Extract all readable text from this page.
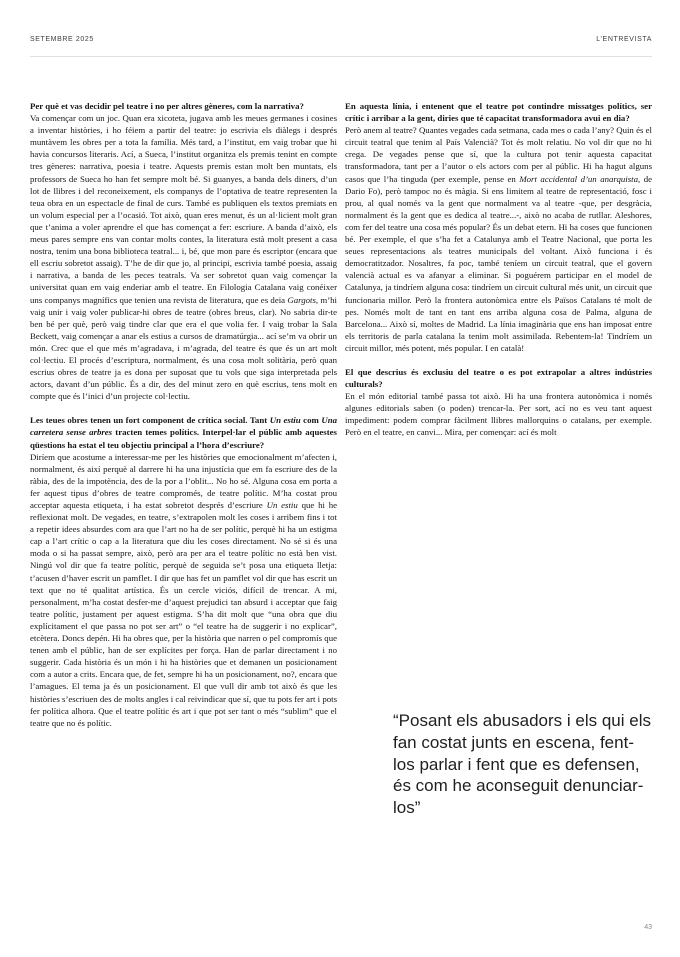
SETEMBRE 2025	L’ENTREVISTA

Per què et vas decidir pel teatre i no per altres gèneres, com la narrativa?

Va començar com un joc. Quan era xicoteta, jugava amb les meues germanes i cosines a inventar històries, i ho féiem a partir del teatre: jo escrivia els diàlegs i després muntàvem les obres per a tota la família. Més tard, a l’institut, em vaig trobar que hi havia concursos literaris. Ací, a Sueca, l’institut organitza els premis tenint en compte tres gèneres: narrativa, poesia i teatre. Aquests premis estan molt ben muntats, els professors de Sueca ho han fet sempre molt bé. Si guanyes, a banda dels diners, d’un lot de llibres i del reconeixement, els companys de l’optativa de teatre representen la teua obra en un espectacle de final de curs. També es publiquen els textos premiats en un volum especial per a l’ocasió. Tot això, quan eres menut, és un al·licient molt gran que t’anima a voler aprendre el que has començat a fer: escriure. A banda d’això, els meus pares sempre ens van contar molts contes, la literatura està molt present a casa nostra, tenim una bona biblioteca teatral... i, bé, que mon pare és escriptor (encara que ell escriu sobretot assaig). T’he de dir que jo, al principi, escrivia també poesia, assaig i narrativa, a banda de les peces teatrals. Va ser sobretot quan vaig començar la universitat quan em vaig enderiar amb el teatre. En Filologia Catalana vaig conéixer uns companys magnífics que tenien una revista de literatura, que es deia Gargots, m’hi vaig unir i vaig voler publicar-hi obres de teatre (obres breus, clar). No sabria dir-te ben bé per què, però vaig tindre clar que era el que volia fer. I vaig trobar la Sala Beckett, vaig començar a anar els estius a cursos de dramatúrgia... ací se’m va obrir un món. Crec que el que més m’agradava, i m’agrada, del teatre és que és un art molt col·lectiu. El procés d’escriptura, normalment, és una cosa molt solitària, però quan escrius obres de teatre ja es dona per suposat que tu vols que siga interpretada pels actors, davant d’un públic. És a dir, des del minut zero en què escrius, tens molt en compte que és l’inici d’un projecte col·lectiu.

Les teues obres tenen un fort component de crítica social. Tant Un estiu com Una carretera sense arbres tracten temes polítics. Interpel·lar el públic amb aquestes qüestions ha estat el teu objectiu principal a l’hora d’escriure?

Diríem que acostume a interessar-me per les històries que emocionalment m’afecten i, normalment, és així perquè al darrere hi ha una injustícia que em fa escriure des de la ràbia, des de la impotència, des de la por a l’oblit... No ho sé. Alguna cosa em porta a fer aquest tipus d’obres de teatre compromés, de teatre polític. M’ha costat prou acceptar aquesta etiqueta, i ha estat sobretot després d’escriure Un estiu que hi he reflexionat molt. De vegades, en teatre, s’extrapolen molt les coses i arribem fins i tot a repetir idees absurdes com ara que l’art no ha de ser polític, perquè hi ha un estigma cap a l’art crític o cap a la literatura que diu les coses directament. No sé si és una moda o si ha passat sempre, això, però ara per ara el teatre polític no està ben vist. Ningú vol dir que fa teatre polític, perquè de seguida se’t posa una etiqueta lletja: t’acusen d’haver escrit un pamflet. I dir que has fet un pamflet vol dir que has escrit un text que no té qualitat artística. És un cercle viciós, difícil de trencar. A mi, personalment, m’ha costat desfer-me d’aquest prejudici tan absurd i acceptar que faig teatre polític, justament per aquest estigma. S’ha dit molt que “una obra que diu explícitament el que passa no pot ser art” o “el teatre ha de suggerir i no explicar”, etcètera. Doncs depén. Hi ha obres que, per la història que narren o pel compromís que tenen amb el públic, han de ser explícites per força. Han de parlar directament i no suggerir. Cada història és un món i hi ha històries que et demanen un posicionament com a autor a crits. Encara que, de fet, sempre hi ha un posicionament, no?, encara que l’amagues. El tema ja és un posicionament. El que vull dir amb tot això és que les històries s’escriuen des de molts angles i cal reivindicar que sí, que tu pots fer art i pots fer política alhora. Que el teatre polític és art i que pot ser tant o més “sublim” que el teatre que no és polític.

En aquesta línia, i entenent que el teatre pot contindre missatges polítics, ser crític i arribar a la gent, diries que té capacitat transformadora avui en dia?

Però anem al teatre? Quantes vegades cada setmana, cada mes o cada l’any? Quin és el circuit teatral que tenim al País Valencià? Tot és molt relatiu. No vol dir que no hi crega. De vegades pense que sí, que la cultura pot tenir aquesta capacitat transformadora, tant per a l’autor o els actors com per al públic. Hi ha hagut alguns casos que l’ha tinguda (per exemple, pense en Mort accidental d’un anarquista, de Dario Fo), però tampoc no és màgia. Si ens limitem al teatre de representació, fosc i prou, al qual només va la gent que normalment va al teatre -que, per desgràcia, normalment és la gent que es dedica al teatre...-, això no acaba de rutllar. Aleshores, com fer del teatre una cosa més popular? És un debat etern. Hi ha coses que funcionen bé. Per exemple, el que s’ha fet a Catalunya amb el Teatre Nacional, que porta les seues representacions als teatres municipals del voltant. Això funciona i és democratitzador. Nosaltres, fa poc, també teníem un circuit teatral, que el govern valencià actual es va afanyar a eliminar. Si poguérem participar en el model de Catalunya, ja tindríem alguna cosa: tindríem un circuit cultural més unit, un circuit que funcionaria millor. Però la frontera autonòmica entre els Països Catalans té molt de pes. Només molt de tant en tant ens arriba alguna cosa de Palma, alguna de Barcelona... Això sí, moltes de Madrid. La línia imaginària que ens han imposat entre els territoris de parla catalana la tenim molt assimilada. Rebentem-la! Tindríem un circuit millor, més potent, més popular. I en català!

El que descrius és exclusiu del teatre o es pot extrapolar a altres indústries culturals?

En el món editorial també passa tot això. Hi ha una frontera autonòmica i només algunes editorials saben (o poden) trencar-la. Per sort, ací no es veu tant aquest impediment: podem comprar fàcilment llibres mallorquins o catalans, per exemple. Però en el teatre, en canvi... Mira, per començar: ací és molt

“Posant els abusadors i els qui els fan costat junts en escena, fent-los parlar i fent que es defensen, és com he aconseguit denunciar-los”
43
